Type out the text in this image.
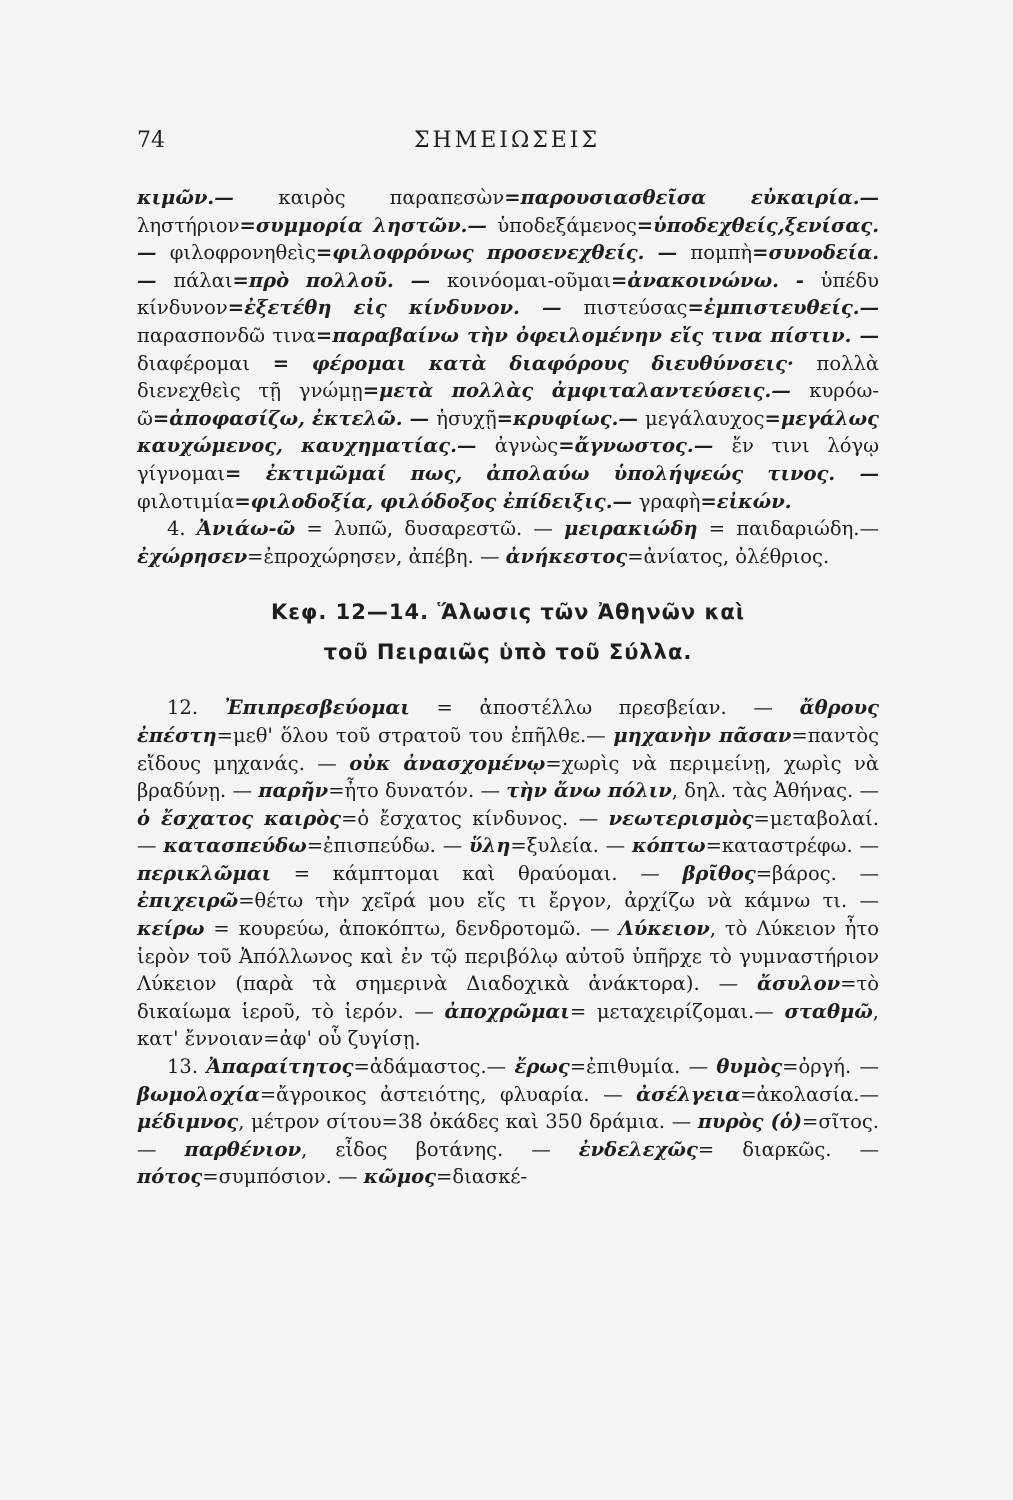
74	ΣΗΜΕΙΩΣΕΙΣ

κιμῶν.— καιρὸς παραπεσὼν=παρουσιασθεῖσα εὐκαιρία.— ληστήριον=συμμορία ληστῶν.— ὑποδεξάμενος=ὑποδεχθείς,ξενίσας.— φιλοφρονηθεὶς=φιλοφρόνως προσενεχθείς. — πομπὴ=συνοδεία. — πάλαι=πρὸ πολλοῦ. — κοινόομαι-οῦμαι=ἀνακοινώνω. - ὑπέδυ κίνδυνον=ἐξετέθη εἰς κίνδυνον. — πιστεύσας=ἐμπιστευθείς.— παρασπονδῶ τινα=παραβαίνω τὴν ὀφειλομένην εἴς τινα πίστιν. — διαφέρομαι = φέρομαι κατὰ διαφόρους διευθύνσεις· πολλὰ διενεχθεὶς τῇ γνώμῃ=μετὰ πολλὰς ἀμφιταλαντεύσεις.— κυρόω-ῶ=ἀποφασίζω, ἐκτελῶ. — ἡσυχῇ=κρυφίως.— μεγάλαυχος=μεγάλως καυχώμενος, καυχηματίας.— ἀγνὼς=ἄγνωστος.— ἔν τινι λόγῳ γίγνομαι= ἐκτιμῶμαί πως, ἀπολαύω ὑπολήψεώς τινος. — φιλοτιμία=φιλοδοξία, φιλόδοξος ἐπίδειξις.— γραφὴ=εἰκών.

4. Ἀνιάω-ῶ = λυπῶ, δυσαρεστῶ. — μειρακιώδη = παιδαριώδη.— ἐχώρησεν=ἐπροχώρησεν, ἀπέβη. — ἀνήκεστος=ἀνίατος, ὀλέθριος.

Κεφ. 12—14. Ἅλωσις τῶν Ἀθηνῶν καὶ
τοῦ Πειραιῶς ὑπὸ τοῦ Σύλλα.

12. Ἐπιπρεσβεύομαι = ἀποστέλλω πρεσβείαν. — ἄθρους ἐπέστη=μεθ' ὅλου τοῦ στρατοῦ του ἐπῆλθε.— μηχανὴν πᾶσαν=παντὸς εἴδους μηχανάς. — οὐκ ἀνασχομένῳ=χωρὶς νὰ περιμείνῃ, χωρὶς νὰ βραδύνῃ. — παρῆν=ἦτο δυνατόν. — τὴν ἄνω πόλιν, δηλ. τὰς Ἀθήνας. — ὁ ἔσχατος καιρὸς=ὁ ἔσχατος κίνδυνος. — νεωτερισμὸς=μεταβολαί. — κατασπεύδω=ἐπισπεύδω. — ὕλη=ξυλεία. — κόπτω=καταστρέφω. — περικλῶμαι = κάμπτομαι καὶ θραύομαι. — βρῖθος=βάρος. — ἐπιχειρῶ=θέτω τὴν χεῖρά μου εἴς τι ἔργον, ἀρχίζω νὰ κάμνω τι. — κείρω = κουρεύω, ἀποκόπτω, δενδροτομῶ. — Λύκειον, τὸ Λύκειον ἦτο ἱερὸν τοῦ Ἀπόλλωνος καὶ ἐν τῷ περιβόλῳ αὐτοῦ ὑπῆρχε τὸ γυμναστήριον Λύκειον (παρὰ τὰ σημερινὰ Διαδοχικὰ ἀνάκτορα). — ἄσυλον=τὸ δικαίωμα ἱεροῦ, τὸ ἱερόν. — ἀποχρῶμαι= μεταχειρίζομαι.— σταθμῶ, κατ' ἔννοιαν=ἀφ' οὗ ζυγίσῃ.

13. Ἀπαραίτητος=ἀδάμαστος.— ἔρως=ἐπιθυμία. — θυμὸς=ὀργή. — βωμολοχία=ἄγροικος ἀστειότης, φλυαρία. — ἀσέλγεια=ἀκολασία.— μέδιμνος, μέτρον σίτου=38 ὀκάδες καὶ 350 δράμια. — πυρὸς (ὁ)=σῖτος. — παρθένιον, εἶδος βοτάνης. — ἐνδελεχῶς= διαρκῶς. — πότος=συμπόσιον. — κῶμος=διασκέ-
